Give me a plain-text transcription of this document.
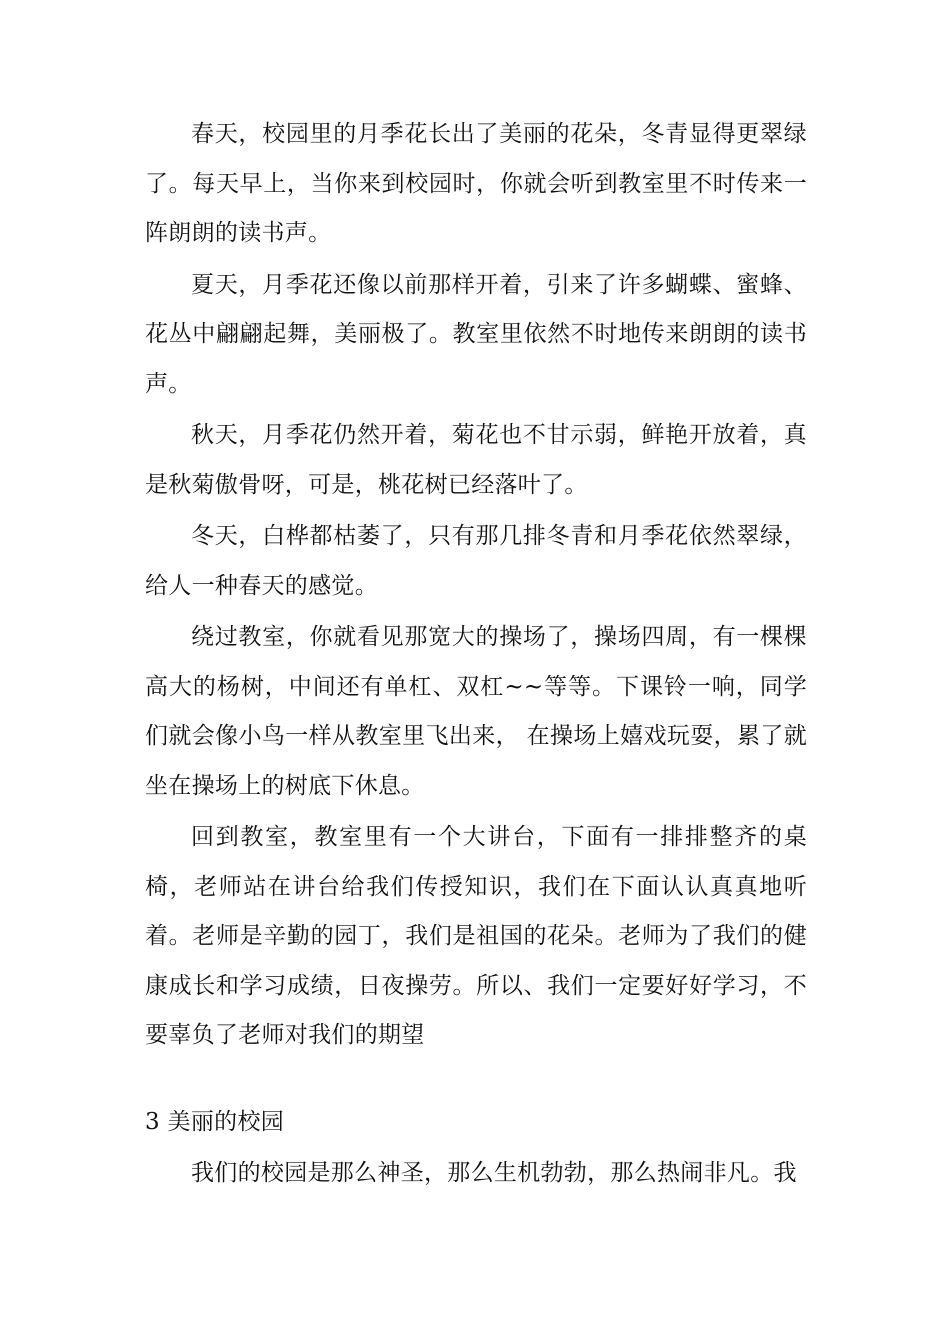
春天，校园里的月季花长出了美丽的花朵，冬青显得更翠绿了。每天早上，当你来到校园时，你就会听到教室里不时传来一阵朗朗的读书声。

夏天，月季花还像以前那样开着，引来了许多蝴蝶、蜜蜂、花丛中翩翩起舞，美丽极了。教室里依然不时地传来朗朗的读书声。

秋天，月季花仍然开着，菊花也不甘示弱，鲜艳开放着，真是秋菊傲骨呀，可是，桃花树已经落叶了。

冬天，白桦都枯萎了，只有那几排冬青和月季花依然翠绿，给人一种春天的感觉。

绕过教室，你就看见那宽大的操场了，操场四周，有一棵棵高大的杨树，中间还有单杠、双杠~~等等。下课铃一响，同学们就会像小鸟一样从教室里飞出来， 在操场上嬉戏玩耍，累了就坐在操场上的树底下休息。

回到教室，教室里有一个大讲台，下面有一排排整齐的桌椅，老师站在讲台给我们传授知识，我们在下面认认真真地听着。老师是辛勤的园丁，我们是祖国的花朵。老师为了我们的健康成长和学习成绩，日夜操劳。所以、我们一定要好好学习，不要辜负了老师对我们的期望

3 美丽的校园

我们的校园是那么神圣，那么生机勃勃，那么热闹非凡。我
